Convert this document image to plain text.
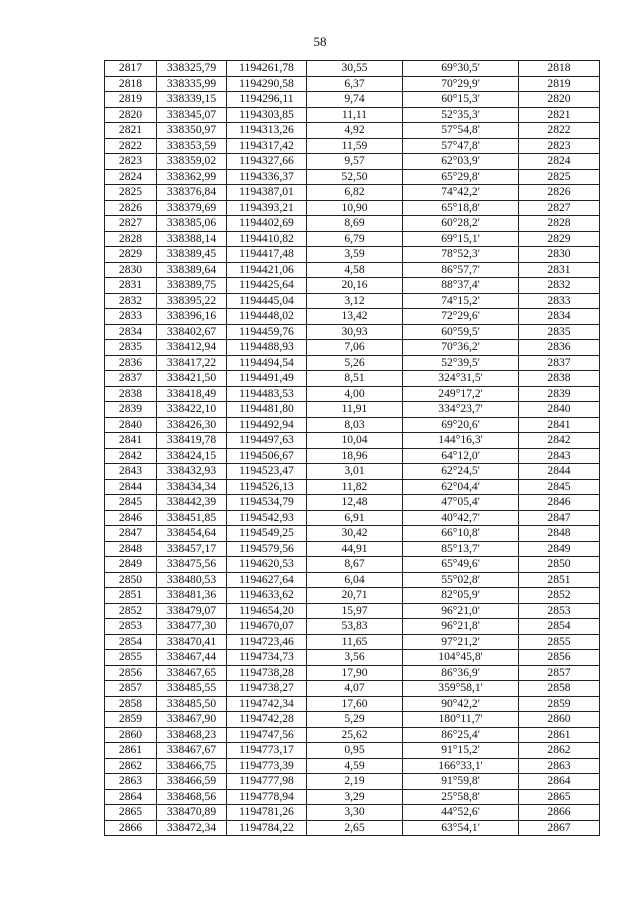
58
2817	338325,79	1194261,78	30,55	69°30,5'	2818
2818	338335,99	1194290,58	6,37	70°29,9'	2819
2819	338339,15	1194296,11	9,74	60°15,3'	2820
2820	338345,07	1194303,85	11,11	52°35,3'	2821
2821	338350,97	1194313,26	4,92	57°54,8'	2822
2822	338353,59	1194317,42	11,59	57°47,8'	2823
2823	338359,02	1194327,66	9,57	62°03,9'	2824
2824	338362,99	1194336,37	52,50	65°29,8'	2825
2825	338376,84	1194387,01	6,82	74°42,2'	2826
2826	338379,69	1194393,21	10,90	65°18,8'	2827
2827	338385,06	1194402,69	8,69	60°28,2'	2828
2828	338388,14	1194410,82	6,79	69°15,1'	2829
2829	338389,45	1194417,48	3,59	78°52,3'	2830
2830	338389,64	1194421,06	4,58	86°57,7'	2831
2831	338389,75	1194425,64	20,16	88°37,4'	2832
2832	338395,22	1194445,04	3,12	74°15,2'	2833
2833	338396,16	1194448,02	13,42	72°29,6'	2834
2834	338402,67	1194459,76	30,93	60°59,5'	2835
2835	338412,94	1194488,93	7,06	70°36,2'	2836
2836	338417,22	1194494,54	5,26	52°39,5'	2837
2837	338421,50	1194491,49	8,51	324°31,5'	2838
2838	338418,49	1194483,53	4,00	249°17,2'	2839
2839	338422,10	1194481,80	11,91	334°23,7'	2840
2840	338426,30	1194492,94	8,03	69°20,6'	2841
2841	338419,78	1194497,63	10,04	144°16,3'	2842
2842	338424,15	1194506,67	18,96	64°12,0'	2843
2843	338432,93	1194523,47	3,01	62°24,5'	2844
2844	338434,34	1194526,13	11,82	62°04,4'	2845
2845	338442,39	1194534,79	12,48	47°05,4'	2846
2846	338451,85	1194542,93	6,91	40°42,7'	2847
2847	338454,64	1194549,25	30,42	66°10,8'	2848
2848	338457,17	1194579,56	44,91	85°13,7'	2849
2849	338475,56	1194620,53	8,67	65°49,6'	2850
2850	338480,53	1194627,64	6,04	55°02,8'	2851
2851	338481,36	1194633,62	20,71	82°05,9'	2852
2852	338479,07	1194654,20	15,97	96°21,0'	2853
2853	338477,30	1194670,07	53,83	96°21,8'	2854
2854	338470,41	1194723,46	11,65	97°21,2'	2855
2855	338467,44	1194734,73	3,56	104°45,8'	2856
2856	338467,65	1194738,28	17,90	86°36,9'	2857
2857	338485,55	1194738,27	4,07	359°58,1'	2858
2858	338485,50	1194742,34	17,60	90°42,2'	2859
2859	338467,90	1194742,28	5,29	180°11,7'	2860
2860	338468,23	1194747,56	25,62	86°25,4'	2861
2861	338467,67	1194773,17	0,95	91°15,2'	2862
2862	338466,75	1194773,39	4,59	166°33,1'	2863
2863	338466,59	1194777,98	2,19	91°59,8'	2864
2864	338468,56	1194778,94	3,29	25°58,8'	2865
2865	338470,89	1194781,26	3,30	44°52,6'	2866
2866	338472,34	1194784,22	2,65	63°54,1'	2867
